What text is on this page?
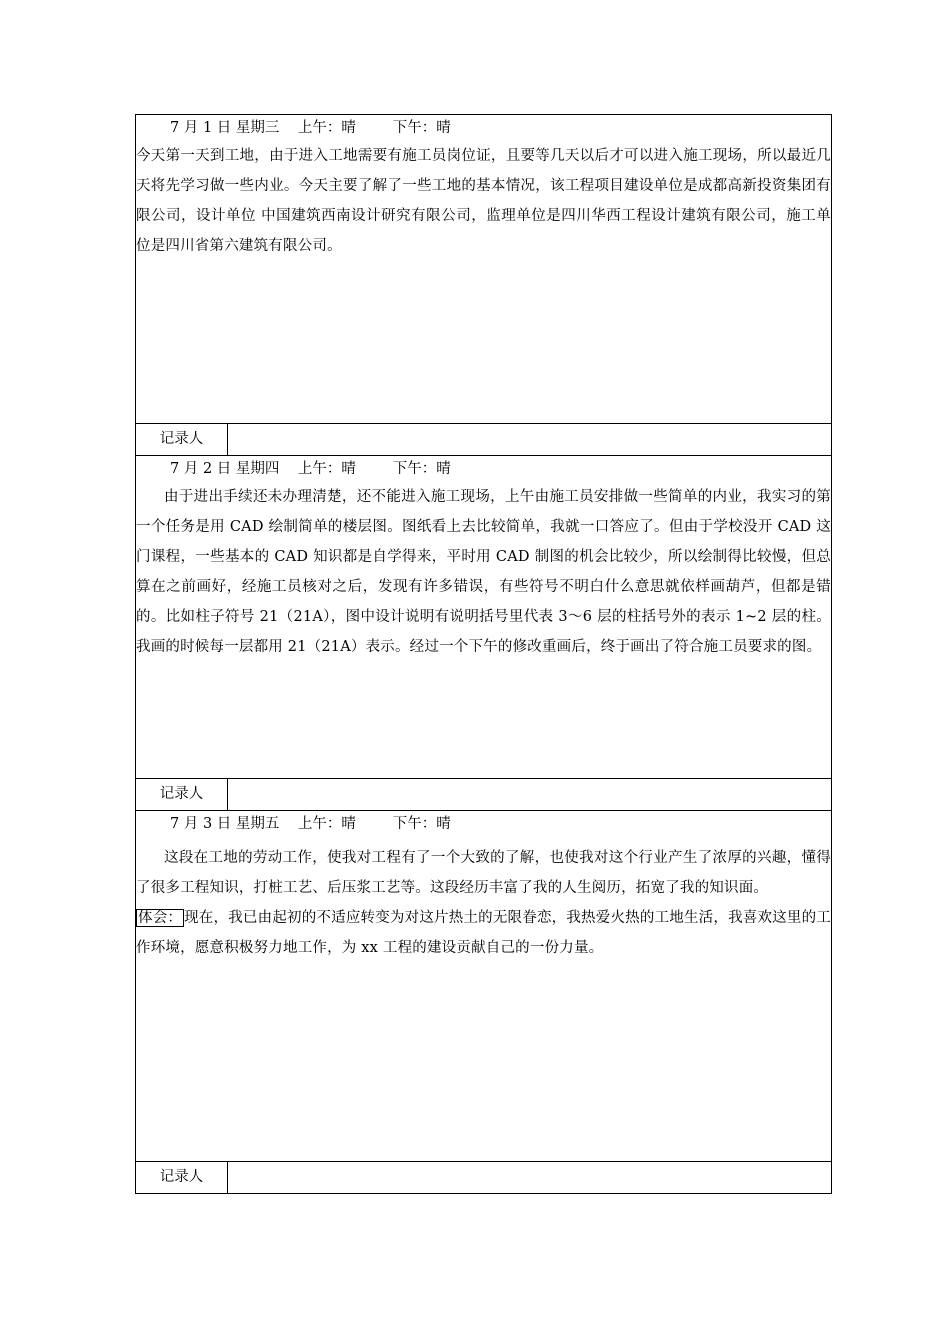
7 月 1 日 星期三    上午：晴        下午：晴
今天第一天到工地，由于进入工地需要有施工员岗位证，且要等几天以后才可以进入施工现场，所以最近几天将先学习做一些内业。今天主要了解了一些工地的基本情况，该工程项目建设单位是成都高新投资集团有限公司，设计单位 中国建筑西南设计研究有限公司，监理单位是四川华西工程设计建筑有限公司，施工单位是四川省第六建筑有限公司。	

记录人	

7 月 2 日 星期四    上午：晴        下午：晴
由于进出手续还未办理清楚，还不能进入施工现场，上午由施工员安排做一些简单的内业，我实习的第一个任务是用 CAD 绘制简单的楼层图。图纸看上去比较简单，我就一口答应了。但由于学校没开 CAD 这门课程，一些基本的 CAD 知识都是自学得来，平时用 CAD 制图的机会比较少，所以绘制得比较慢，但总算在之前画好，经施工员核对之后，发现有许多错误，有些符号不明白什么意思就依样画葫芦，但都是错的。比如柱子符号 21（21A），图中设计说明有说明括号里代表 3～6 层的柱括号外的表示 1~2 层的柱。我画的时候每一层都用 21（21A）表示。经过一个下午的修改重画后，终于画出了符合施工员要求的图。	

记录人	

7 月 3 日 星期五    上午：晴        下午：晴
这段在工地的劳动工作，使我对工程有了一个大致的了解，也使我对这个行业产生了浓厚的兴趣，懂得了很多工程知识，打桩工艺、后压浆工艺等。这段经历丰富了我的人生阅历，拓宽了我的知识面。
体会： 现在，我已由起初的不适应转变为对这片热土的无限眷恋，我热爱火热的工地生活，我喜欢这里的工作环境，愿意积极努力地工作，为 xx 工程的建设贡献自己的一份力量。	

记录人	
